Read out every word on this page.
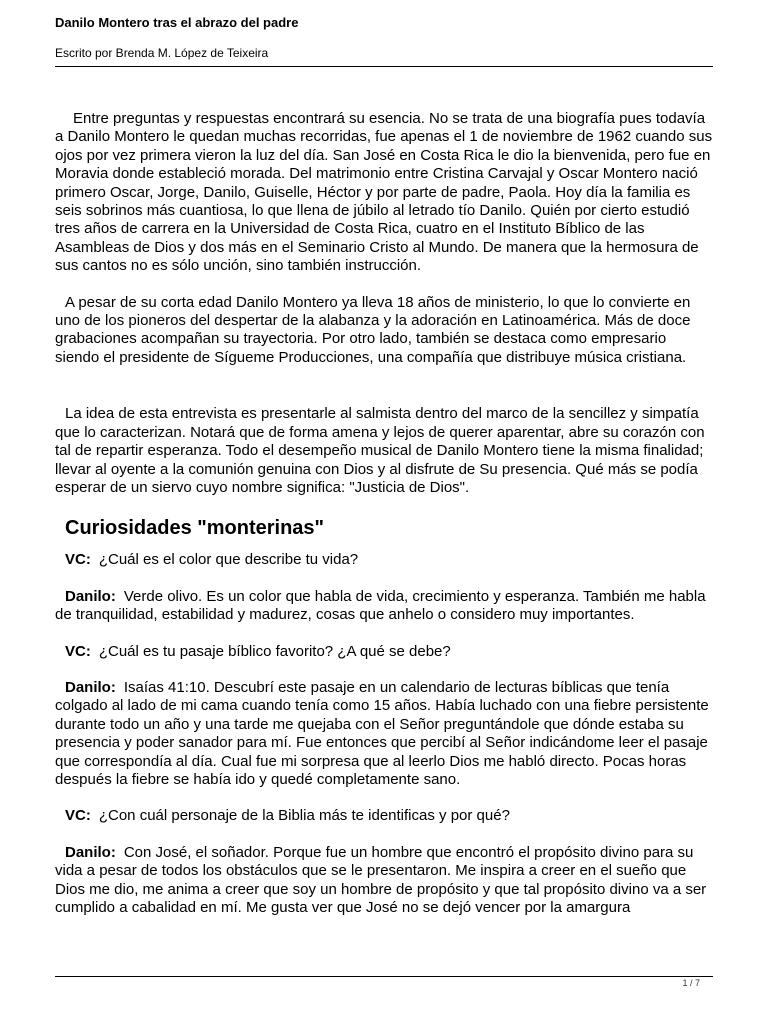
Danilo Montero tras el abrazo del padre

Escrito por Brenda M. López de Teixeira

Entre preguntas y respuestas encontrará su esencia. No se trata de una biografía pues todavía a Danilo Montero le quedan muchas recorridas, fue apenas el 1 de noviembre de 1962 cuando sus ojos por vez primera vieron la luz del día. San José en Costa Rica le dio la bienvenida, pero fue en Moravia donde estableció morada. Del matrimonio entre Cristina Carvajal y Oscar Montero nació primero Oscar, Jorge, Danilo, Guiselle, Héctor y por parte de padre, Paola. Hoy día la familia es seis sobrinos más cuantiosa, lo que llena de júbilo al letrado tío Danilo. Quién por cierto estudió tres años de carrera en la Universidad de Costa Rica, cuatro en el Instituto Bíblico de las Asambleas de Dios y dos más en el Seminario Cristo al Mundo. De manera que la hermosura de sus cantos no es sólo unción, sino también instrucción.

A pesar de su corta edad Danilo Montero ya lleva 18 años de ministerio, lo que lo convierte en uno de los pioneros del despertar de la alabanza y la adoración en Latinoamérica. Más de doce grabaciones acompañan su trayectoria. Por otro lado, también se destaca como empresario siendo el presidente de Sígueme Producciones, una compañía que distribuye música cristiana.

La idea de esta entrevista es presentarle al salmista dentro del marco de la sencillez y simpatía que lo caracterizan. Notará que de forma amena y lejos de querer aparentar, abre su corazón con tal de repartir esperanza. Todo el desempeño musical de Danilo Montero tiene la misma finalidad; llevar al oyente a la comunión genuina con Dios y al disfrute de Su presencia. Qué más se podía esperar de un siervo cuyo nombre significa: "Justicia de Dios".

Curiosidades "monterinas"

VC: ¿Cuál es el color que describe tu vida?

Danilo: Verde olivo. Es un color que habla de vida, crecimiento y esperanza. También me habla de tranquilidad, estabilidad y madurez, cosas que anhelo o considero muy importantes.

VC: ¿Cuál es tu pasaje bíblico favorito? ¿A qué se debe?

Danilo: Isaías 41:10. Descubrí este pasaje en un calendario de lecturas bíblicas que tenía colgado al lado de mi cama cuando tenía como 15 años. Había luchado con una fiebre persistente durante todo un año y una tarde me quejaba con el Señor preguntándole que dónde estaba su presencia y poder sanador para mí. Fue entonces que percibí al Señor indicándome leer el pasaje que correspondía al día. Cual fue mi sorpresa que al leerlo Dios me habló directo. Pocas horas después la fiebre se había ido y quedé completamente sano.

VC: ¿Con cuál personaje de la Biblia más te identificas y por qué?

Danilo: Con José, el soñador. Porque fue un hombre que encontró el propósito divino para su vida a pesar de todos los obstáculos que se le presentaron. Me inspira a creer en el sueño que Dios me dio, me anima a creer que soy un hombre de propósito y que tal propósito divino va a ser cumplido a cabalidad en mí. Me gusta ver que José no se dejó vencer por la amargura

1 / 7
